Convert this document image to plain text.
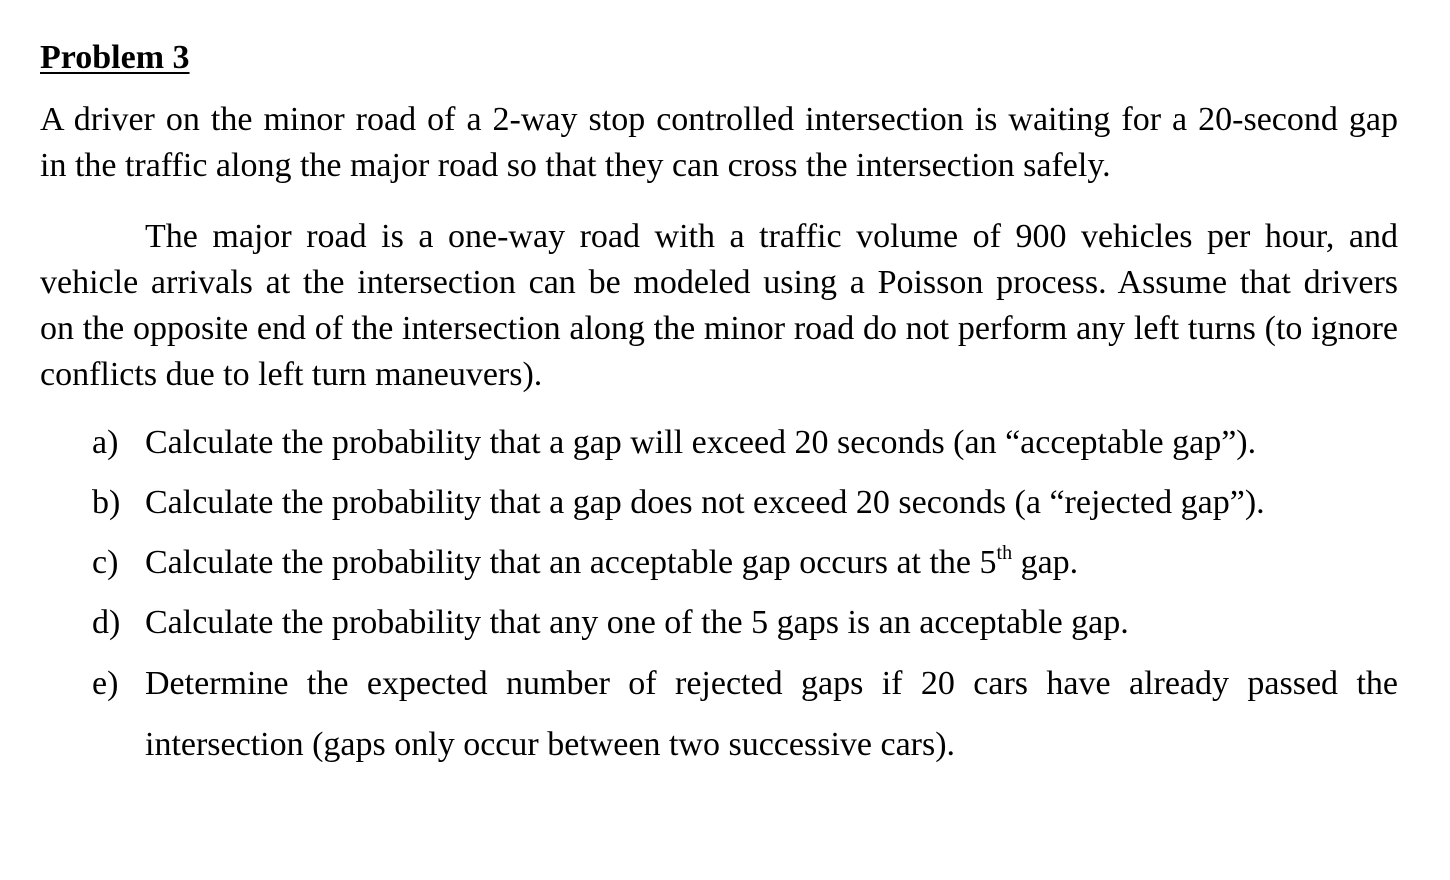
Problem 3
A driver on the minor road of a 2-way stop controlled intersection is waiting for a 20-second gap
in the traffic along the major road so that they can cross the intersection safely.
The major road is a one-way road with a traffic volume of 900 vehicles per hour, and
vehicle arrivals at the intersection can be modeled using a Poisson process. Assume that drivers
on the opposite end of the intersection along the minor road do not perform any left turns (to ignore
conflicts due to left turn maneuvers).
a) Calculate the probability that a gap will exceed 20 seconds (an “acceptable gap”).
b) Calculate the probability that a gap does not exceed 20 seconds (a “rejected gap”).
c) Calculate the probability that an acceptable gap occurs at the 5th gap.
d) Calculate the probability that any one of the 5 gaps is an acceptable gap.
e) Determine the expected number of rejected gaps if 20 cars have already passed the
intersection (gaps only occur between two successive cars).
